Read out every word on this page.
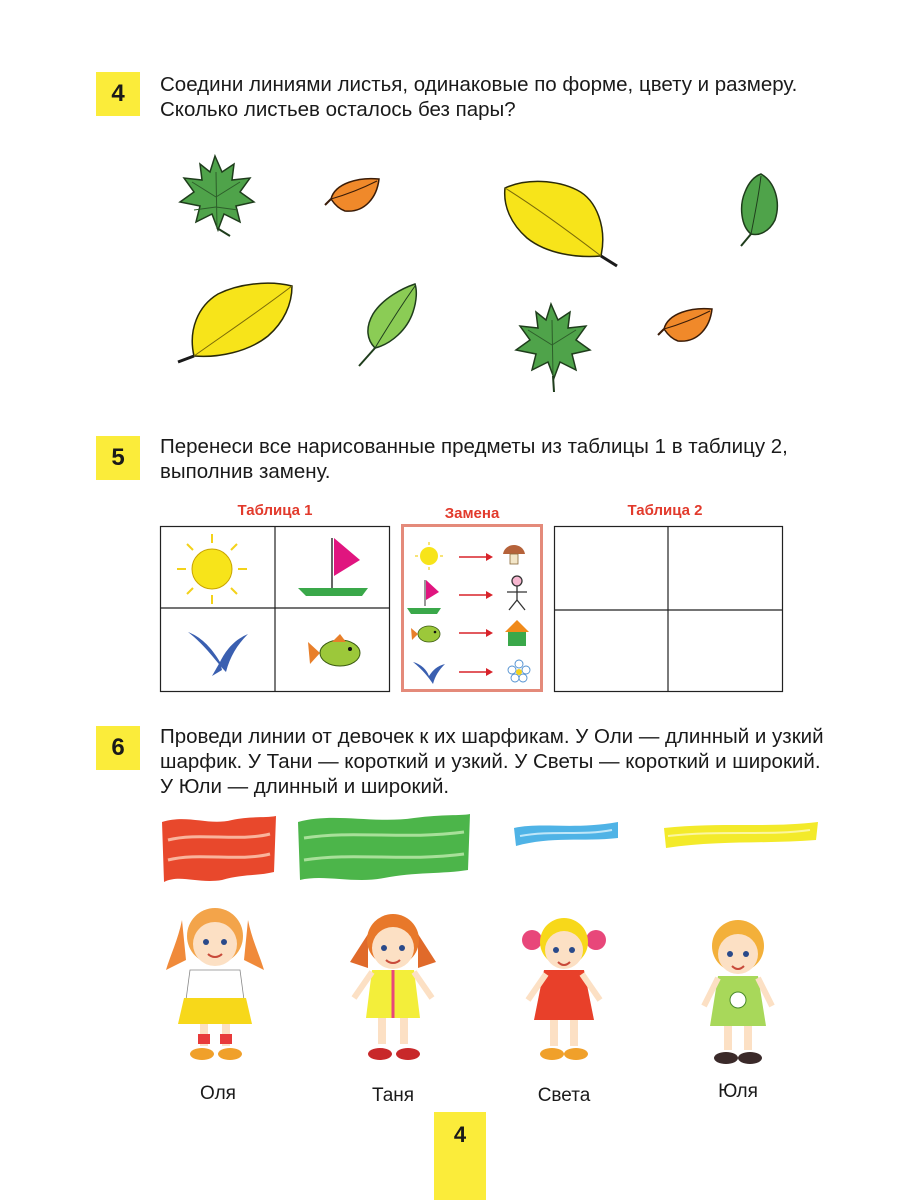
4	Соедини линиями листья, одинаковые по форме, цвету и размеру.
Сколько листьев осталось без пары?
5	Перенеси все нарисованные предметы из таблицы 1 в таблицу 2,
выполнив замену.
Таблица 1	Замена	Таблица 2
6	Проведи линии от девочек к их шарфикам. У Оли — длинный и узкий
шарфик. У Тани — короткий и узкий. У Светы — короткий и широкий.
У Юли — длинный и широкий.
Оля	Таня	Света	Юля
4
